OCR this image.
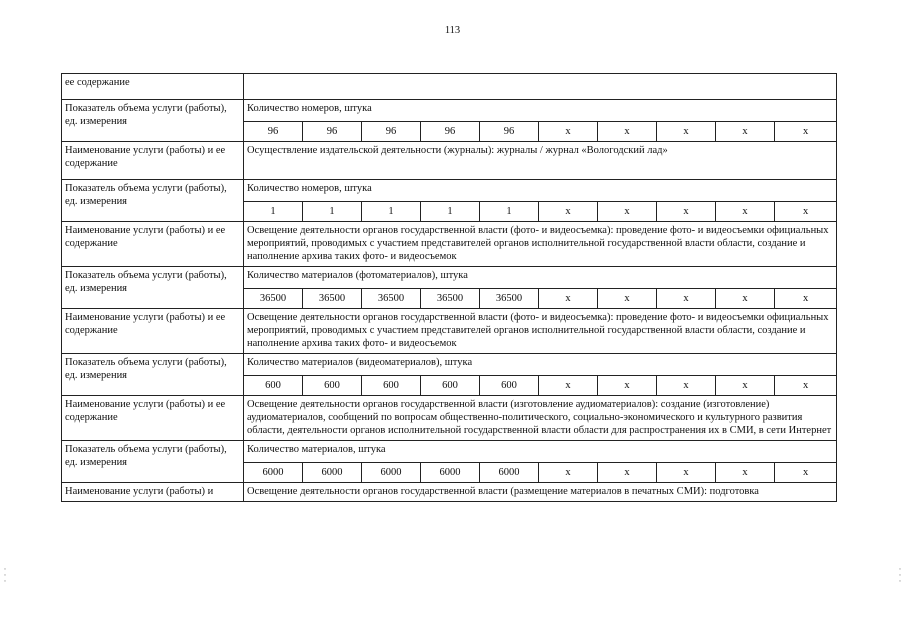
113
· · ·
· · ·
ее содержание										
Показатель объема услуги (работы), ед. измерения	Количество номеров, штука									
	96	96	96	96	96	х	х	х	х	х
Наименование услуги (работы) и ее содержание	Осуществление издательской деятельности (журналы): журналы / журнал «Вологодский лад»									
Показатель объема услуги (работы), ед. измерения	Количество номеров, штука									
	1	1	1	1	1	х	х	х	х	х
Наименование услуги (работы) и ее содержание	Освещение деятельности органов государственной власти (фото- и видеосъемка): проведение фото- и видеосъемки официальных мероприятий, проводимых с участием представителей органов исполнительной государственной власти области, создание и наполнение архива таких фото- и видеосъемок									
Показатель объема услуги (работы), ед. измерения	Количество материалов (фотоматериалов), штука									
	36500	36500	36500	36500	36500	х	х	х	х	х
Наименование услуги (работы) и ее содержание	Освещение деятельности органов государственной власти (фото- и видеосъемка): проведение фото- и видеосъемки официальных мероприятий, проводимых с участием представителей органов исполнительной государственной власти области, создание и наполнение архива таких фото- и видеосъемок									
Показатель объема услуги (работы), ед. измерения	Количество материалов (видеоматериалов), штука									
	600	600	600	600	600	х	х	х	х	х
Наименование услуги (работы) и ее содержание	Освещение деятельности органов государственной власти (изготовление аудиоматериалов): создание (изготовление) аудиоматериалов, сообщений по вопросам общественно-политического, социально-экономического и культурного развития области, деятельности органов исполнительной государственной власти области для распространения их в СМИ, в сети Интернет									
Показатель объема услуги (работы), ед. измерения	Количество материалов, штука									
	6000	6000	6000	6000	6000	х	х	х	х	х
Наименование услуги (работы) и	Освещение деятельности органов государственной власти (размещение материалов в печатных СМИ): подготовка									
